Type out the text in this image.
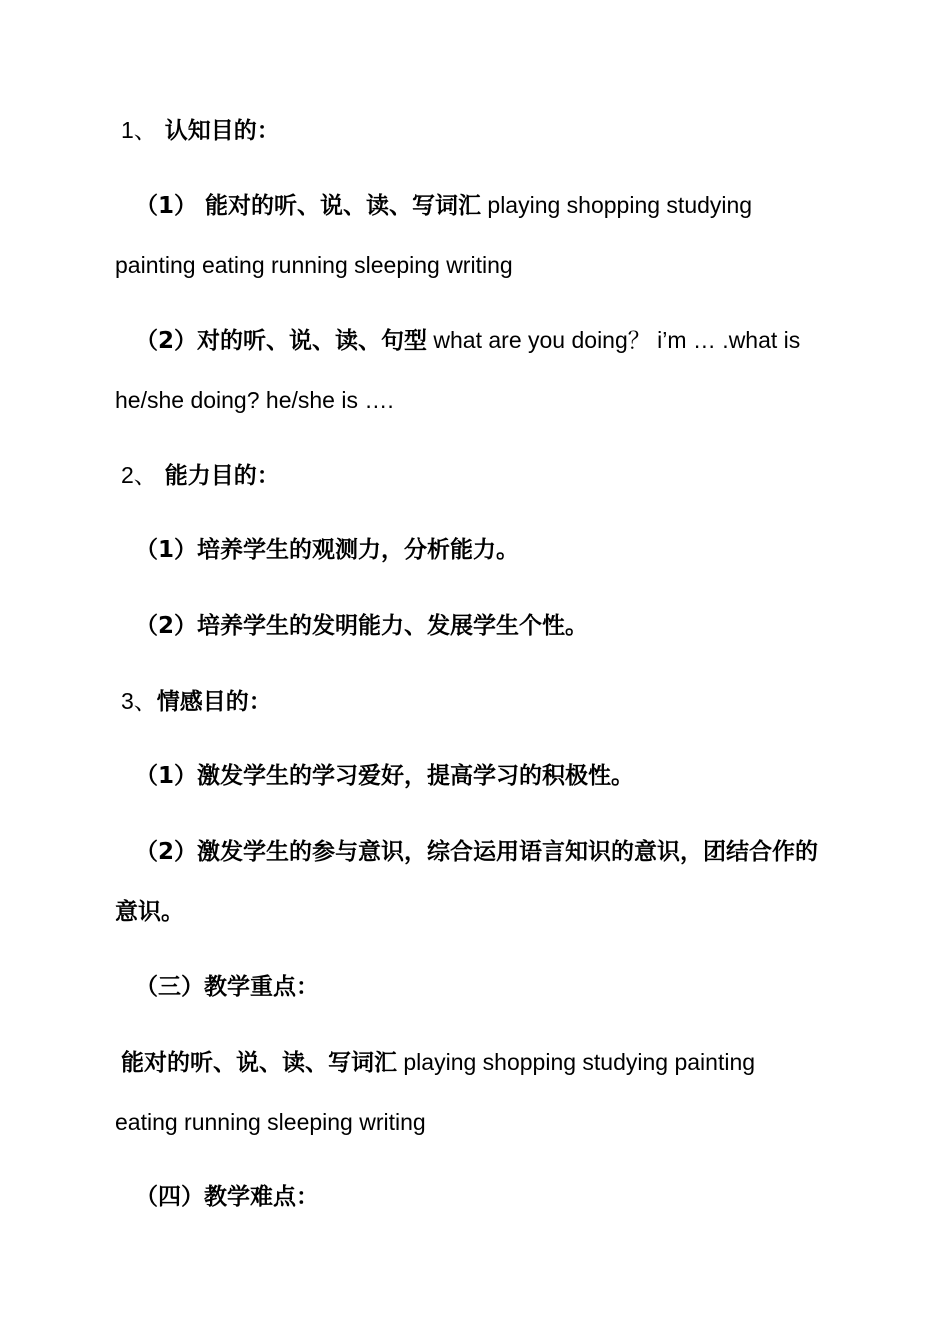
1、 认知目的：
（1） 能对的听、说、读、写词汇 playing shopping studying
painting eating running sleeping writing
（2）对的听、说、读、句型 what are you doing？ i’m … .what is
he/she doing? he/she is ….
2、 能力目的：
（1）培养学生的观测力，分析能力。
（2）培养学生的发明能力、发展学生个性。
3、情感目的：
（1）激发学生的学习爱好，提高学习的积极性。
（2）激发学生的参与意识，综合运用语言知识的意识，团结合作的
意识。
（三）教学重点：
能对的听、说、读、写词汇 playing shopping studying painting
eating running sleeping writing
（四）教学难点：
